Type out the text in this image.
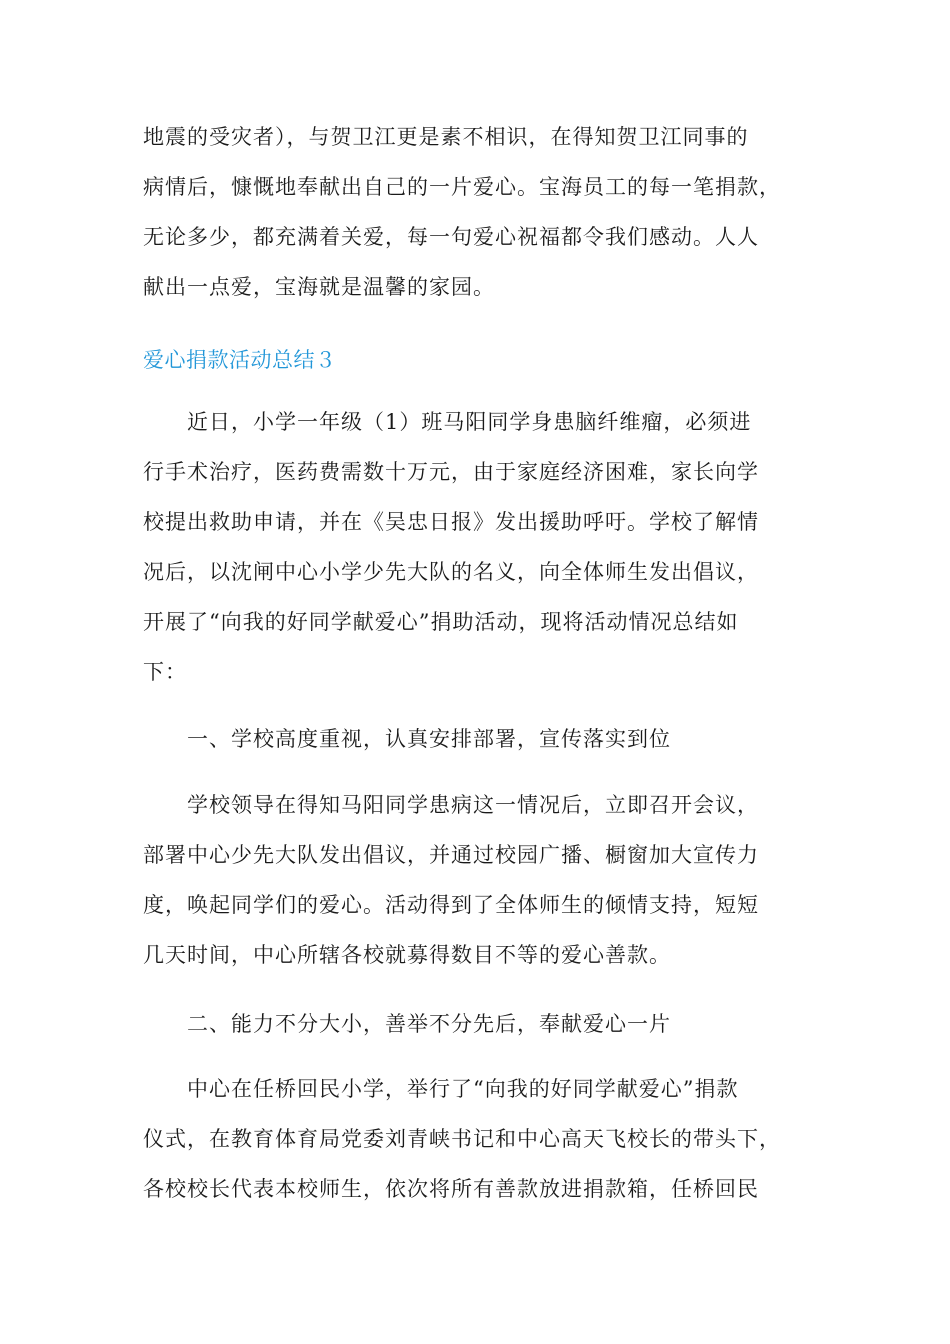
地震的受灾者），与贺卫江更是素不相识，在得知贺卫江同事的
病情后，慷慨地奉献出自己的一片爱心。宝海员工的每一笔捐款，
无论多少，都充满着关爱，每一句爱心祝福都令我们感动。人人
献出一点爱，宝海就是温馨的家园。
爱心捐款活动总结３
　　近日，小学一年级（1）班马阳同学身患脑纤维瘤，必须进
行手术治疗，医药费需数十万元，由于家庭经济困难，家长向学
校提出救助申请，并在《吴忠日报》发出援助呼吁。学校了解情
况后，以沈闸中心小学少先大队的名义，向全体师生发出倡议，
开展了“向我的好同学献爱心”捐助活动，现将活动情况总结如
下：
　　一、学校高度重视，认真安排部署，宣传落实到位
　　学校领导在得知马阳同学患病这一情况后，立即召开会议，
部署中心少先大队发出倡议，并通过校园广播、橱窗加大宣传力
度，唤起同学们的爱心。活动得到了全体师生的倾情支持，短短
几天时间，中心所辖各校就募得数目不等的爱心善款。
　　二、能力不分大小，善举不分先后，奉献爱心一片
　　中心在任桥回民小学，举行了“向我的好同学献爱心”捐款
仪式，在教育体育局党委刘青峡书记和中心高天飞校长的带头下，
各校校长代表本校师生，依次将所有善款放进捐款箱，任桥回民
